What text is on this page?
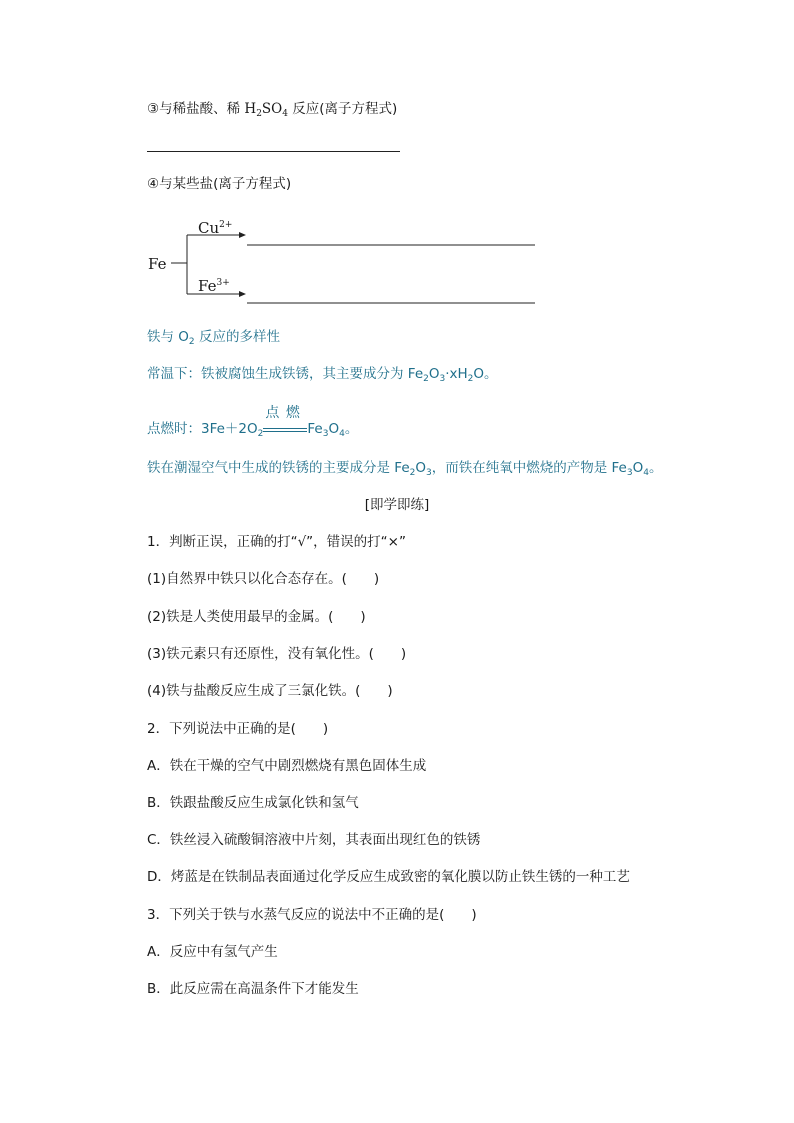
③与稀盐酸、稀 $H_2SO_4$ 反应(离子方程式)
④与某些盐(离子方程式)
Fe
$Cu^{2+}$
$Fe^{3+}$
铁与 $O_2$ 反应的多样性
常温下：铁被腐蚀生成铁锈，其主要成分为 $Fe_2O_3\cdot xH_2O$。
点燃时：$3Fe+2O_2$
点 燃
$Fe_3O_4$。
铁在潮湿空气中生成的铁锈的主要成分是 $Fe_2O_3$，而铁在纯氧中燃烧的产物是 $Fe_3O_4$。
[即学即练]
1．判断正误，正确的打“√”，错误的打“×”
(1)自然界中铁只以化合态存在。(　　)
(2)铁是人类使用最早的金属。(　　)
(3)铁元素只有还原性，没有氧化性。(　　)
(4)铁与盐酸反应生成了三氯化铁。(　　)
2．下列说法中正确的是(　　)
A．铁在干燥的空气中剧烈燃烧有黑色固体生成
B．铁跟盐酸反应生成氯化铁和氢气
C．铁丝浸入硫酸铜溶液中片刻，其表面出现红色的铁锈
D．烤蓝是在铁制品表面通过化学反应生成致密的氧化膜以防止铁生锈的一种工艺
3．下列关于铁与水蒸气反应的说法中不正确的是(　　)
A．反应中有氢气产生
B．此反应需在高温条件下才能发生
